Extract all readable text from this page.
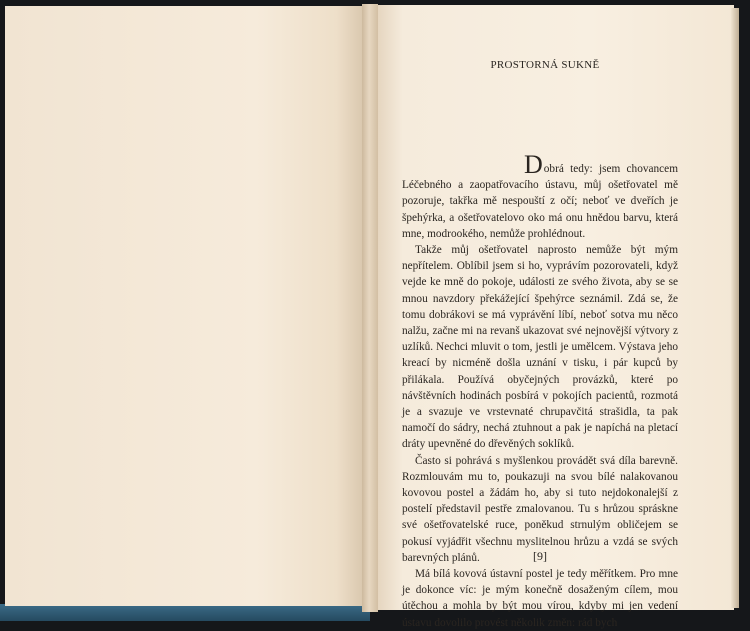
PROSTORNÁ SUKNĚ

Dobrá tedy: jsem chovancem Léčebného a zaopatřovacího ústavu, můj ošetřovatel mě pozoruje, takřka mě nespouští z očí; neboť ve dveřích je špehýrka, a ošetřovatelovo oko má onu hnědou barvu, která mne, modrookého, nemůže prohlédnout.

Takže můj ošetřovatel naprosto nemůže být mým nepřítelem. Oblíbil jsem si ho, vyprávím pozorovateli, když vejde ke mně do pokoje, události ze svého života, aby se se mnou navzdory překážející špehýrce seznámil. Zdá se, že tomu dobrákovi se má vyprávění líbí, neboť sotva mu něco nalžu, začne mi na revanš ukazovat své nejnovější výtvory z uzlíků. Nechci mluvit o tom, jestli je umělcem. Výstava jeho kreací by nicméně došla uznání v tisku, i pár kupců by přilákala. Používá obyčejných provázků, které po návštěvních hodinách posbírá v pokojích pacientů, rozmotá je a svazuje ve vrstevnaté chrupavčitá strašidla, ta pak namočí do sádry, nechá ztuhnout a pak je napíchá na pletací dráty upevněné do dřevěných soklíků.

Často si pohrává s myšlenkou provádět svá díla barevně. Rozmlouvám mu to, poukazuji na svou bílé nalakovanou kovovou postel a žádám ho, aby si tuto nejdokonalejší z postelí představil pestře zmalovanou. Tu s hrůzou spráskne své ošetřovatelské ruce, poněkud strnulým obličejem se pokusí vyjádřit všechnu myslitelnou hrůzu a vzdá se svých barevných plánů.

Má bílá kovová ústavní postel je tedy měřítkem. Pro mne je dokonce víc: je mým konečně dosaženým cílem, mou útěchou a mohla by být mou vírou, kdyby mi jen vedení ústavu dovolilo provést několik změn: rád bych

[9]
